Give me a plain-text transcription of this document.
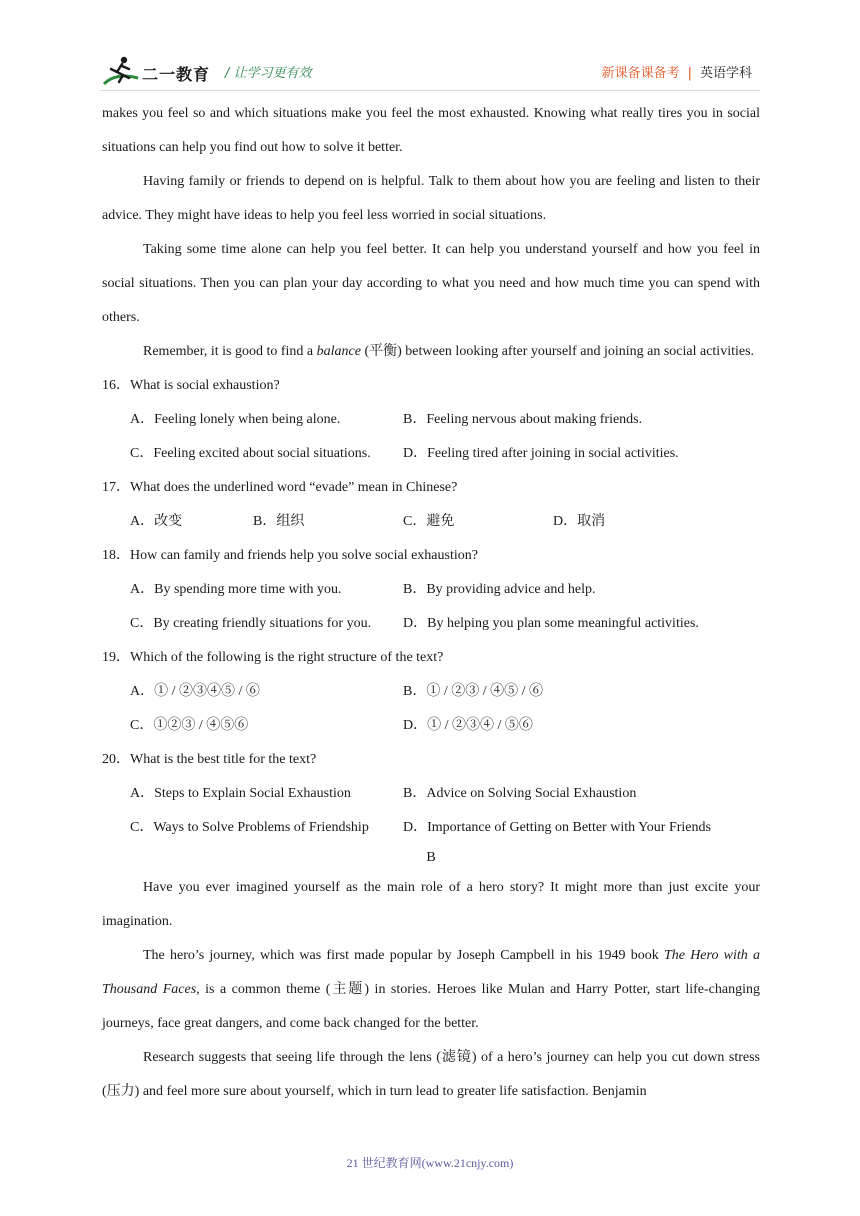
二一教育 / 让学习更有效	新课备课备考 | 英语学科

makes you feel so and which situations make you feel the most exhausted. Knowing what really tires you in social situations can help you find out how to solve it better.

Having family or friends to depend on is helpful. Talk to them about how you are feeling and listen to their advice. They might have ideas to help you feel less worried in social situations.

Taking some time alone can help you feel better. It can help you understand yourself and how you feel in social situations. Then you can plan your day according to what you need and how much time you can spend with others.

Remember, it is good to find a balance (平衡) between looking after yourself and joining an social activities.

16．What is social exhaustion?

A．Feeling lonely when being alone.	B．Feeling nervous about making friends.
C．Feeling excited about social situations.	D．Feeling tired after joining in social activities.

17．What does the underlined word “evade” mean in Chinese?

A．改变	B．组织	C．避免	D．取消

18．How can family and friends help you solve social exhaustion?

A．By spending more time with you.	B．By providing advice and help.
C．By creating friendly situations for you.	D．By helping you plan some meaningful activities.

19．Which of the following is the right structure of the text?

A．① / ②③④⑤ / ⑥	B．① / ②③ / ④⑤ / ⑥
C．①②③ / ④⑤⑥	D．① / ②③④ / ⑤⑥

20．What is the best title for the text?

A．Steps to Explain Social Exhaustion	B．Advice on Solving Social Exhaustion
C．Ways to Solve Problems of Friendship	D．Importance of Getting on Better with Your Friends

B

Have you ever imagined yourself as the main role of a hero story? It might more than just excite your imagination.

The hero’s journey, which was first made popular by Joseph Campbell in his 1949 book The Hero with a Thousand Faces, is a common theme (主题) in stories. Heroes like Mulan and Harry Potter, start life-changing journeys, face great dangers, and come back changed for the better.

Research suggests that seeing life through the lens (滤镜) of a hero’s journey can help you cut down stress (压力) and feel more sure about yourself, which in turn lead to greater life satisfaction. Benjamin

21 世纪教育网(www.21cnjy.com)
